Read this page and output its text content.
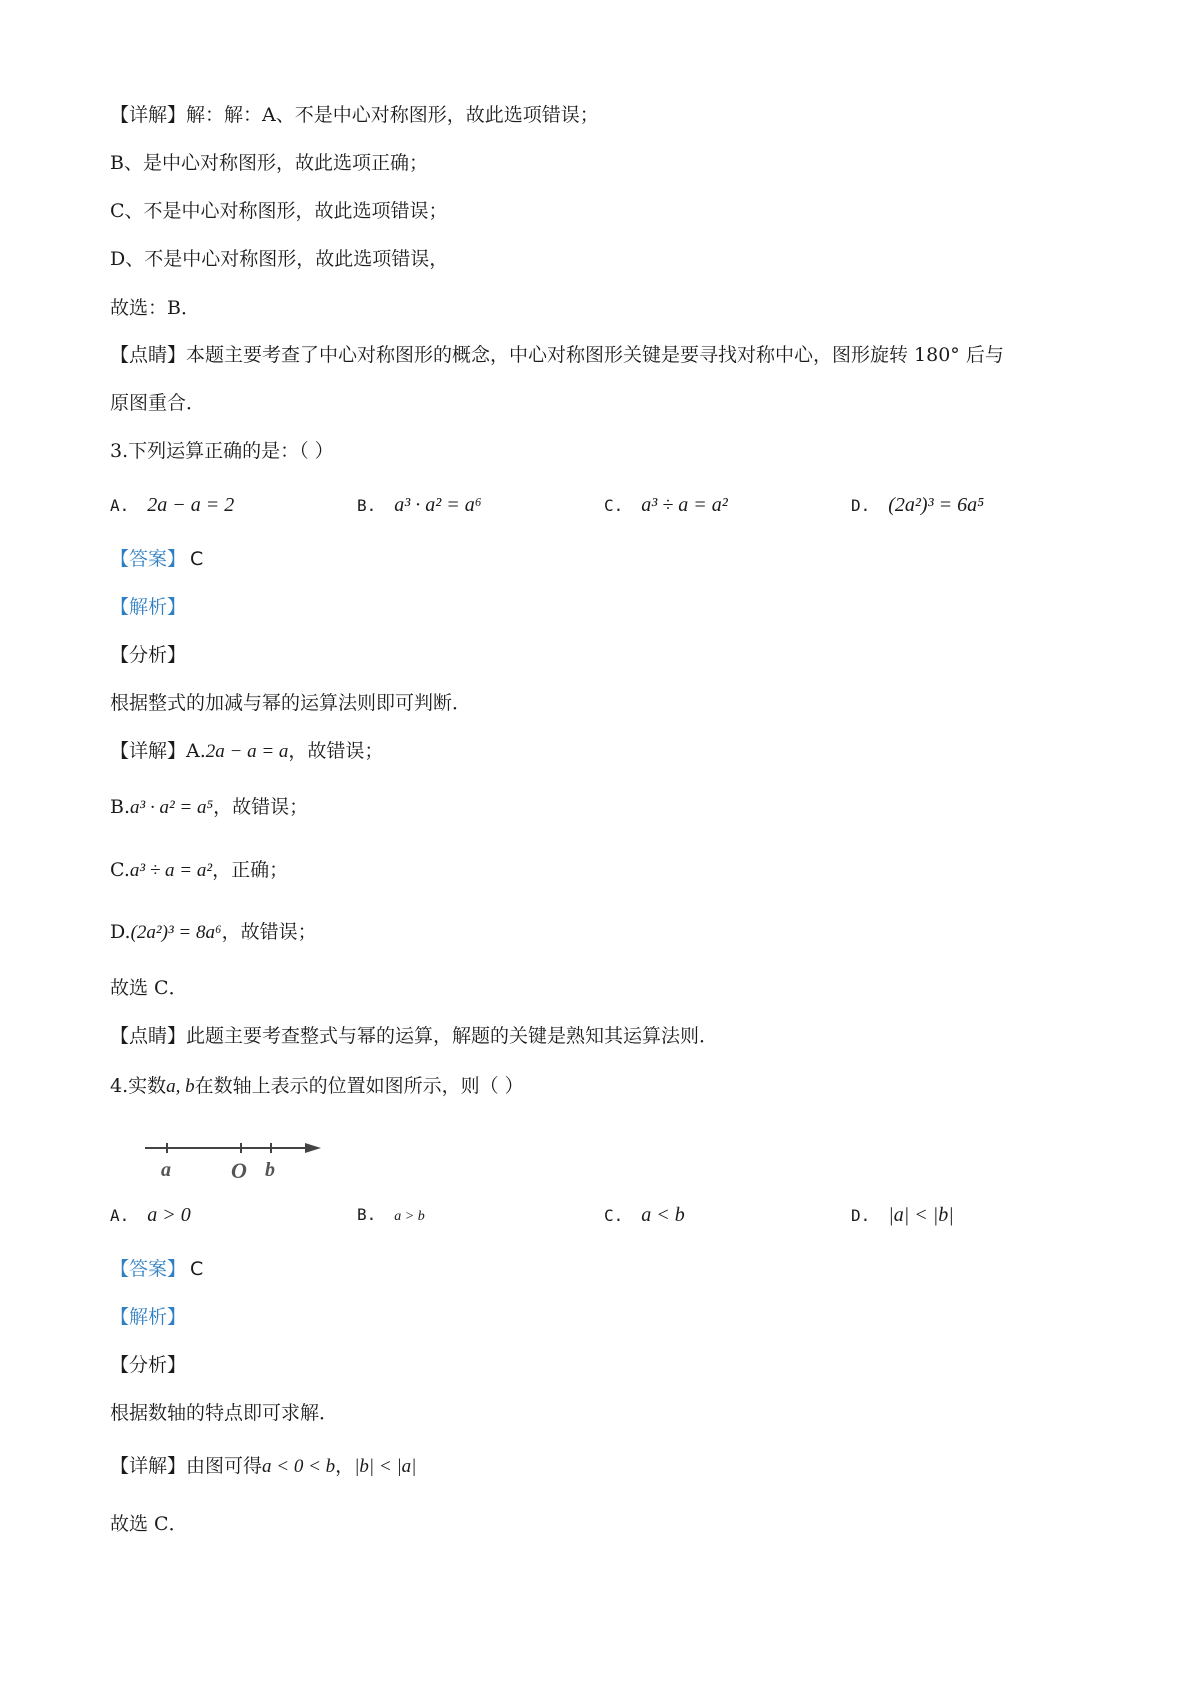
【详解】解：解：A、不是中心对称图形，故此选项错误；
B、是中心对称图形，故此选项正确；
C、不是中心对称图形，故此选项错误；
D、不是中心对称图形，故此选项错误，
故选：B．
【点睛】本题主要考查了中心对称图形的概念，中心对称图形关键是要寻找对称中心，图形旋转 180° 后与
原图重合．
3.下列运算正确的是：（ ）
A. 2a − a = 2	B. a³ · a² = a⁶	C. a³ ÷ a = a²	D. (2a²)³ = 6a⁵
【答案】 C
【解析】
【分析】
根据整式的加减与幂的运算法则即可判断．
【详解】A.2a − a = a，故错误；
B.a³ · a² = a⁵，故错误；
C.a³ ÷ a = a²，正确；
D.(2a²)³ = 8a⁶，故错误；
故选 C．
【点睛】此题主要考查整式与幂的运算，解题的关键是熟知其运算法则．
4.实数a, b在数轴上表示的位置如图所示，则（ ）
a	O b
A. a > 0	B. a > b	C. a < b	D. |a| < |b|
【答案】 C
【解析】
【分析】
根据数轴的特点即可求解．
【详解】由图可得a < 0 < b，|b| < |a|
故选 C．
